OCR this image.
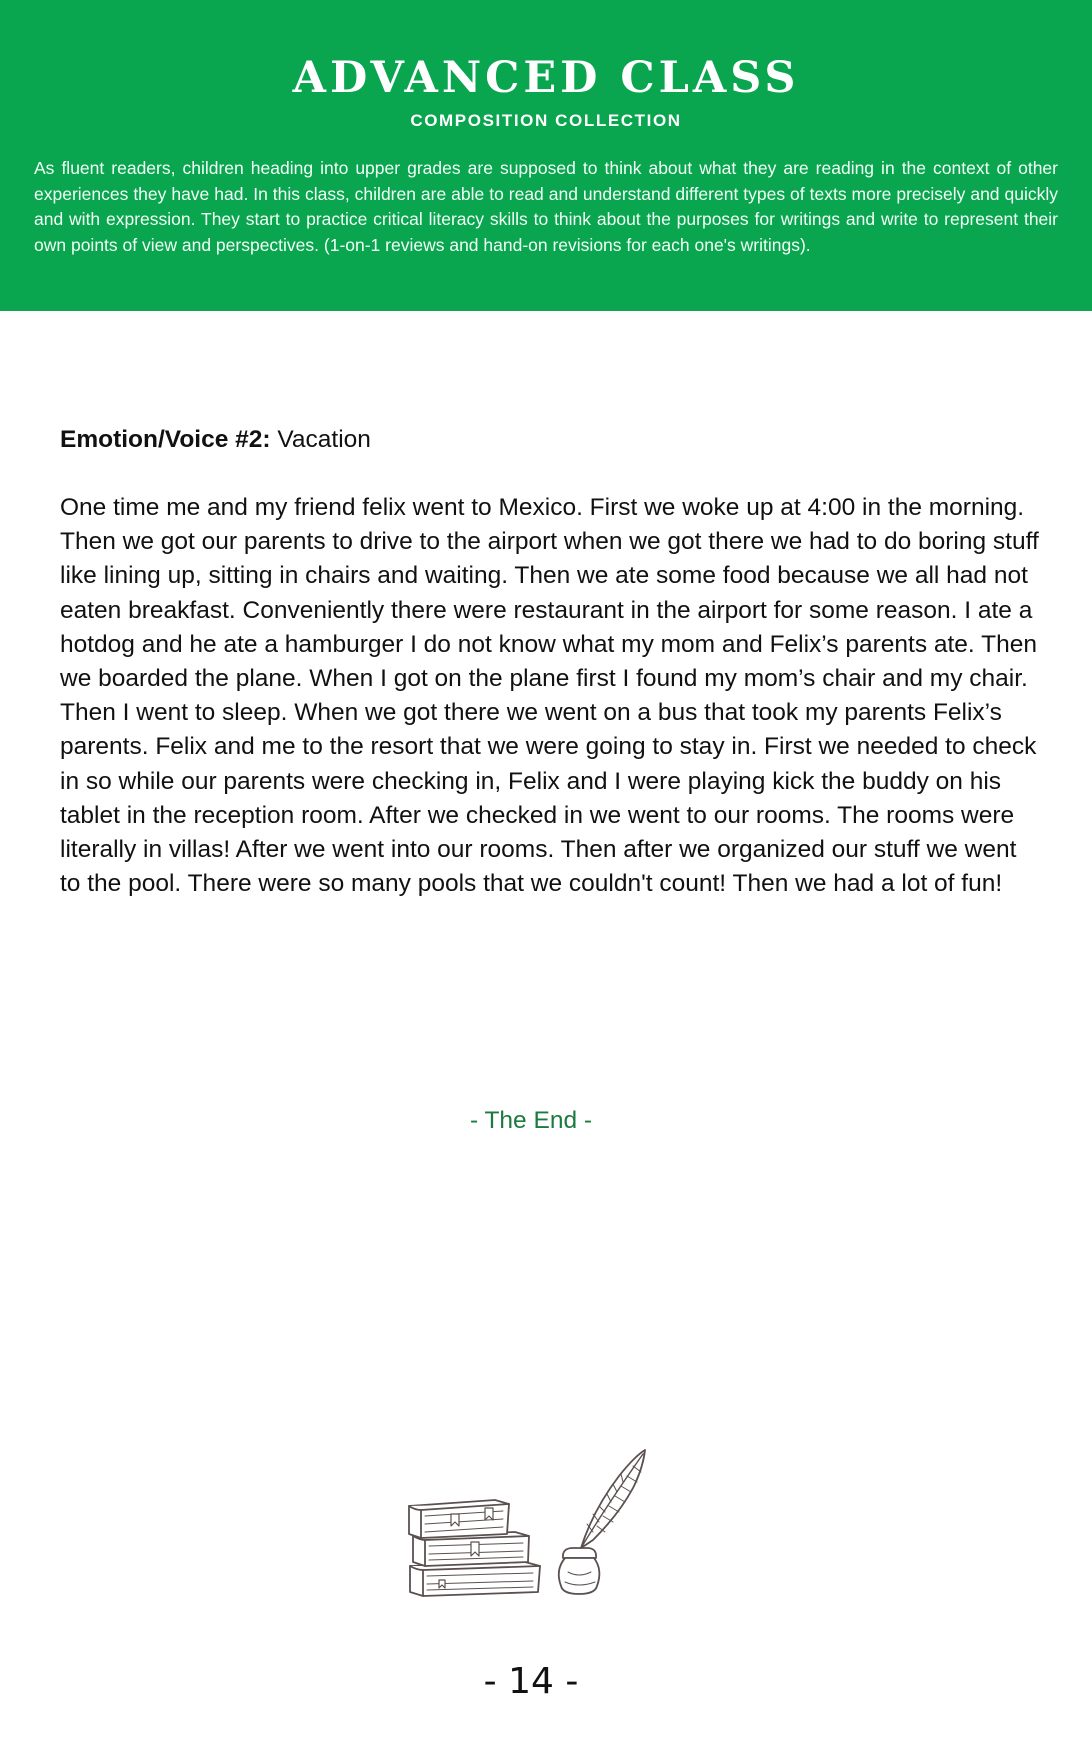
ADVANCED CLASS
COMPOSITION COLLECTION
As fluent readers, children heading into upper grades are supposed to think about what they are reading in the context of other experiences they have had. In this class, children are able to read and understand different types of texts more precisely and quickly and with expression. They start to practice critical literacy skills to think about the purposes for writings and write to represent their own points of view and perspectives. (1-on-1 reviews and hand-on revisions for each one's writings).
Emotion/Voice #2: Vacation
One time me and my friend felix went to Mexico. First we woke up at 4:00 in the morning. Then we got our parents to drive to the airport when we got there we had to do boring stuff like lining up, sitting in chairs and waiting. Then we ate some food because we all had not eaten breakfast. Conveniently there were restaurant in the airport for some reason. I ate a hotdog and he ate a hamburger I do not know what my mom and Felix’s parents ate. Then we boarded the plane. When I got on the plane first I found my mom’s chair and my chair. Then I went to sleep. When we got there we went on a bus that took my parents Felix’s parents. Felix and me to the resort that we were going to stay in. First we needed to check in so while our parents were checking in, Felix and I were playing kick the buddy on his tablet in the reception room. After we checked in we went to our rooms. The rooms were literally in villas! After we went into our rooms. Then after we organized our stuff we went to the pool. There were so many pools that we couldn't count! Then we had a lot of fun!
- The End -
- 14 -
